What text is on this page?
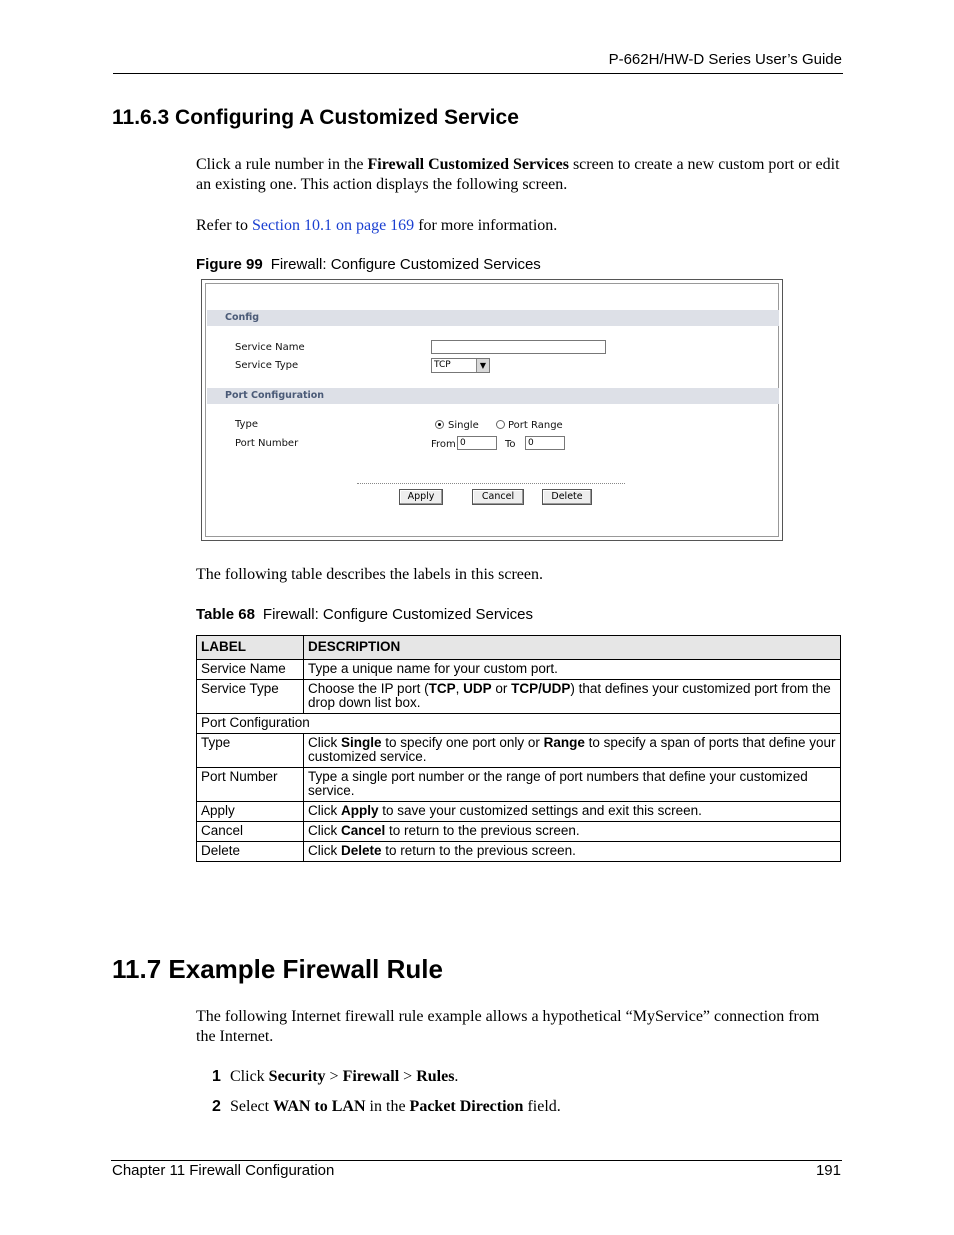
P-662H/HW-D Series User’s Guide
11.6.3 Configuring A Customized Service
Click a rule number in the Firewall Customized Services screen to create a new custom port or edit an existing one. This action displays the following screen.
Refer to Section 10.1 on page 169 for more information.
Figure 99 Firewall: Configure Customized Services
Config
Service Name
Service Type	TCP	▼
Port Configuration
Type	Single	Port Range
Port Number	From 0	To	0
Apply	Cancel	Delete
The following table describes the labels in this screen.
Table 68 Firewall: Configure Customized Services
LABEL	DESCRIPTION
Service Name	Type a unique name for your custom port.
Service Type	Choose the IP port (TCP, UDP or TCP/UDP) that defines your customized port from the drop down list box.
Port Configuration	
Type	Click Single to specify one port only or Range to specify a span of ports that define your customized service.
Port Number	Type a single port number or the range of port numbers that define your customized service.
Apply	Click Apply to save your customized settings and exit this screen.
Cancel	Click Cancel to return to the previous screen.
Delete	Click Delete to return to the previous screen.
11.7 Example Firewall Rule
The following Internet firewall rule example allows a hypothetical “MyService” connection from the Internet.
1 Click Security > Firewall > Rules.
2 Select WAN to LAN in the Packet Direction field.
Chapter 11 Firewall Configuration	191
